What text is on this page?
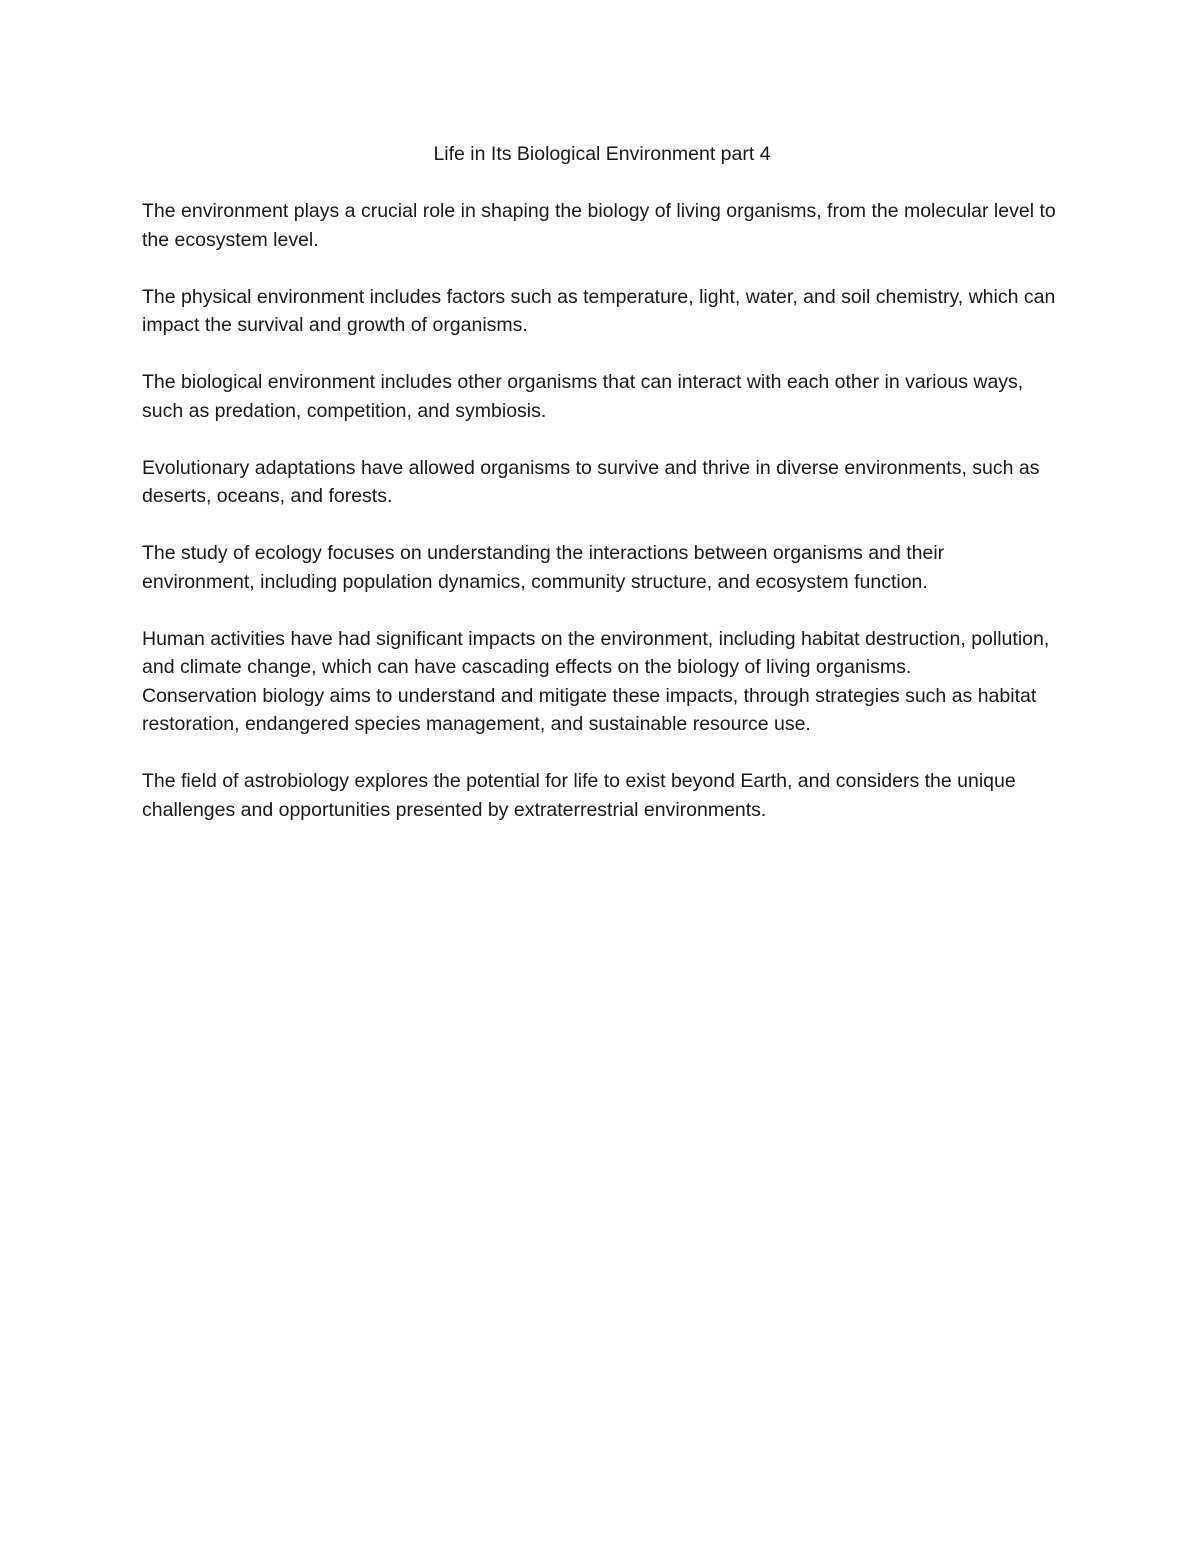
Life in Its Biological Environment part 4
The environment plays a crucial role in shaping the biology of living organisms, from the molecular level to the ecosystem level.
The physical environment includes factors such as temperature, light, water, and soil chemistry, which can impact the survival and growth of organisms.
The biological environment includes other organisms that can interact with each other in various ways, such as predation, competition, and symbiosis.
Evolutionary adaptations have allowed organisms to survive and thrive in diverse environments, such as deserts, oceans, and forests.
The study of ecology focuses on understanding the interactions between organisms and their environment, including population dynamics, community structure, and ecosystem function.
Human activities have had significant impacts on the environment, including habitat destruction, pollution, and climate change, which can have cascading effects on the biology of living organisms.
Conservation biology aims to understand and mitigate these impacts, through strategies such as habitat restoration, endangered species management, and sustainable resource use.
The field of astrobiology explores the potential for life to exist beyond Earth, and considers the unique challenges and opportunities presented by extraterrestrial environments.
